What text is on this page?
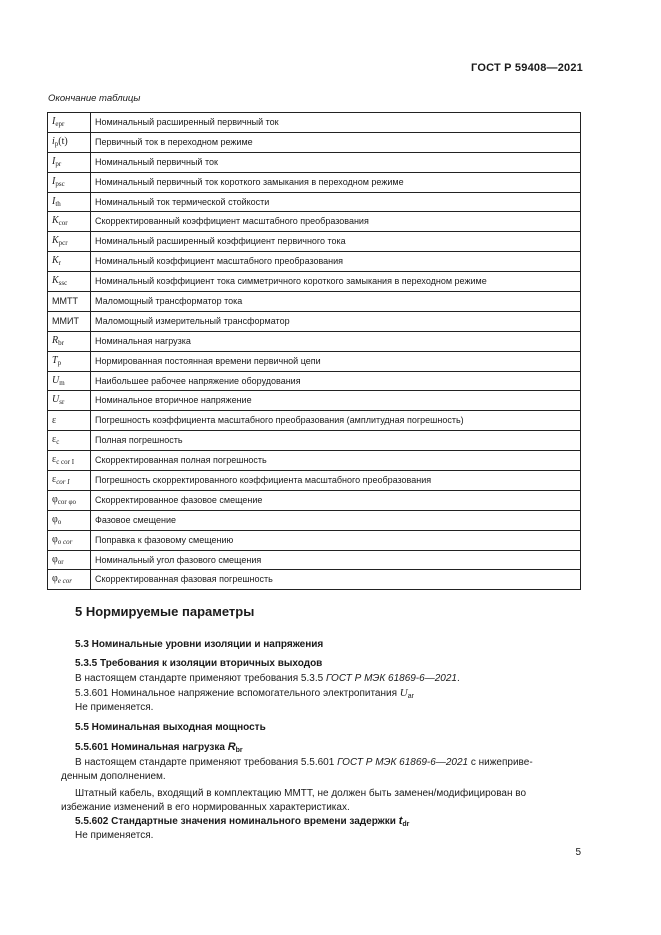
ГОСТ Р 59408—2021
Окончание таблицы
$I_{epr}$	Номинальный расширенный первичный ток
$i_p(t)$	Первичный ток в переходном режиме
$I_{pr}$	Номинальный первичный ток
$I_{psc}$	Номинальный первичный ток короткого замыкания в переходном режиме
$I_{th}$	Номинальный ток термической стойкости
$K_{cor}$	Скорректированный коэффициент масштабного преобразования
$K_{pcr}$	Номинальный расширенный коэффициент первичного тока
$K_r$	Номинальный коэффициент масштабного преобразования
$K_{ssc}$	Номинальный коэффициент тока симметричного короткого замыкания в переходном режиме
ММТТ	Маломощный трансформатор тока
ММИТ	Маломощный измерительный трансформатор
$R_{br}$	Номинальная нагрузка
$T_p$	Нормированная постоянная времени первичной цепи
$U_m$	Наибольшее рабочее напряжение оборудования
$U_{sr}$	Номинальное вторичное напряжение
ε	Погрешность коэффициента масштабного преобразования (амплитудная погрешность)
$\varepsilon_c$	Полная погрешность
$\varepsilon_{c cor I}$	Скорректированная полная погрешность
$\varepsilon_{cor I}$	Погрешность скорректированного коэффициента масштабного преобразования
$\varphi_{cor \varphi o}$	Скорректированное фазовое смещение
$\varphi_o$	Фазовое смещение
$\varphi_{o cor}$	Поправка к фазовому смещению
$\varphi_{or}$	Номинальный угол фазового смещения
$\varphi_{e cor}$	Скорректированная фазовая погрешность
5 Нормируемые параметры
5.3 Номинальные уровни изоляции и напряжения
5.3.5 Требования к изоляции вторичных выходов
В настоящем стандарте применяют требования 5.3.5 ГОСТ Р МЭК 61869-6—2021.
5.3.601 Номинальное напряжение вспомогательного электропитания $U_{ar}$
Не применяется.
5.5 Номинальная выходная мощность
5.5.601 Номинальная нагрузка $R_{br}$
В настоящем стандарте применяют требования 5.5.601 ГОСТ Р МЭК 61869-6—2021 с нижеприве-
денным дополнением.
Штатный кабель, входящий в комплектацию ММТТ, не должен быть заменен/модифицирован во
избежание изменений в его нормированных характеристиках.
5.5.602 Стандартные значения номинального времени задержки $t_{dr}$
Не применяется.
5
